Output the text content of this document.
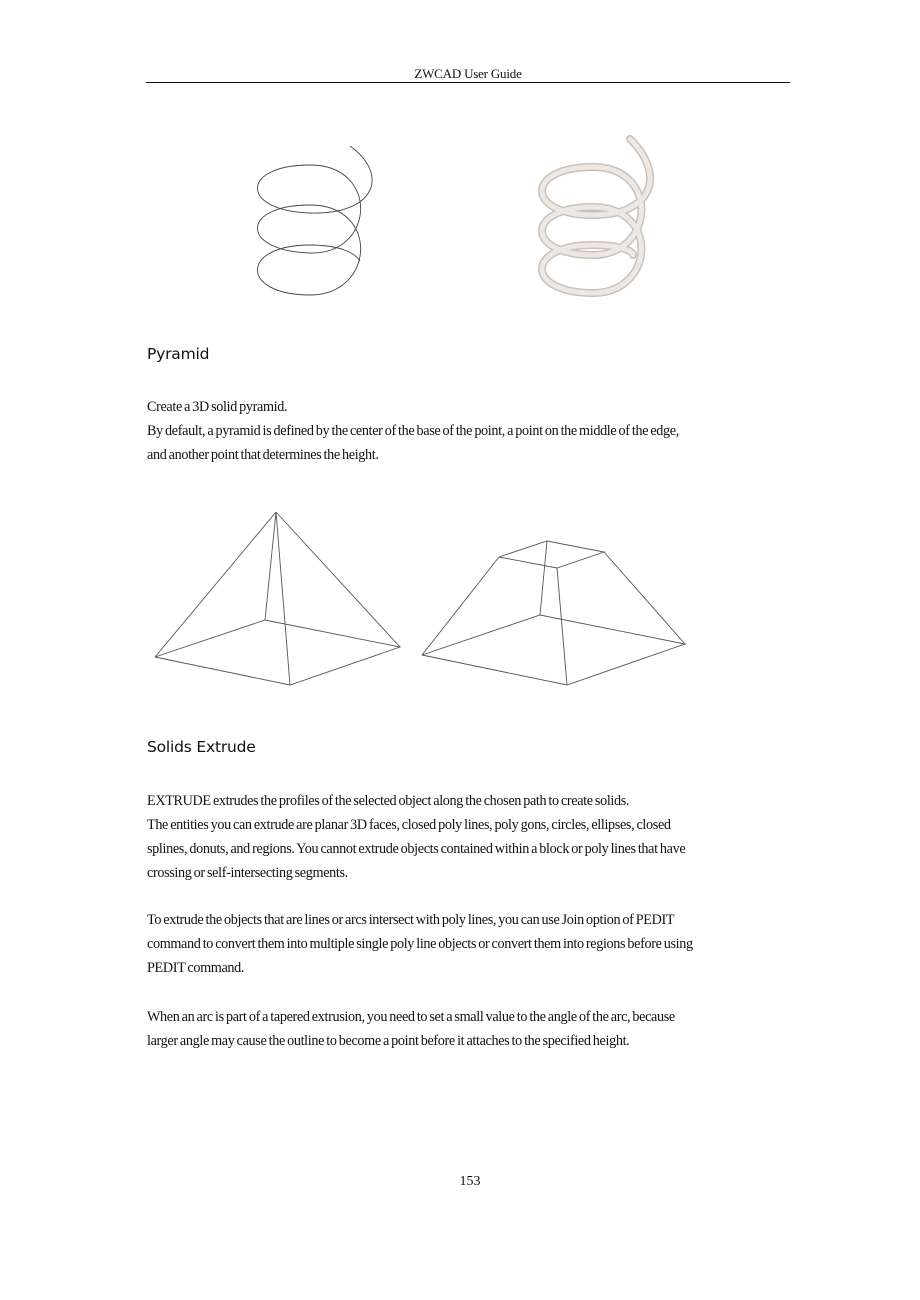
ZWCAD User Guide
Pyramid
Create a 3D solid pyramid.
By default, a pyramid is defined by the center of the base of the point, a point on the middle of the edge,
and another point that determines the height.
Solids Extrude
EXTRUDE extrudes the profiles of the selected object along the chosen path to create solids.
The entities you can extrude are planar 3D faces, closed poly lines, poly gons, circles, ellipses, closed
splines, donuts, and regions. You cannot extrude objects contained within a block or poly lines that have
crossing or self-intersecting segments.
To extrude the objects that are lines or arcs intersect with poly lines, you can use Join option of PEDIT
command to convert them into multiple single poly line objects or convert them into regions before using
PEDIT command.
When an arc is part of a tapered extrusion, you need to set a small value to the angle of the arc, because
larger angle may cause the outline to become a point before it attaches to the specified height.
153
